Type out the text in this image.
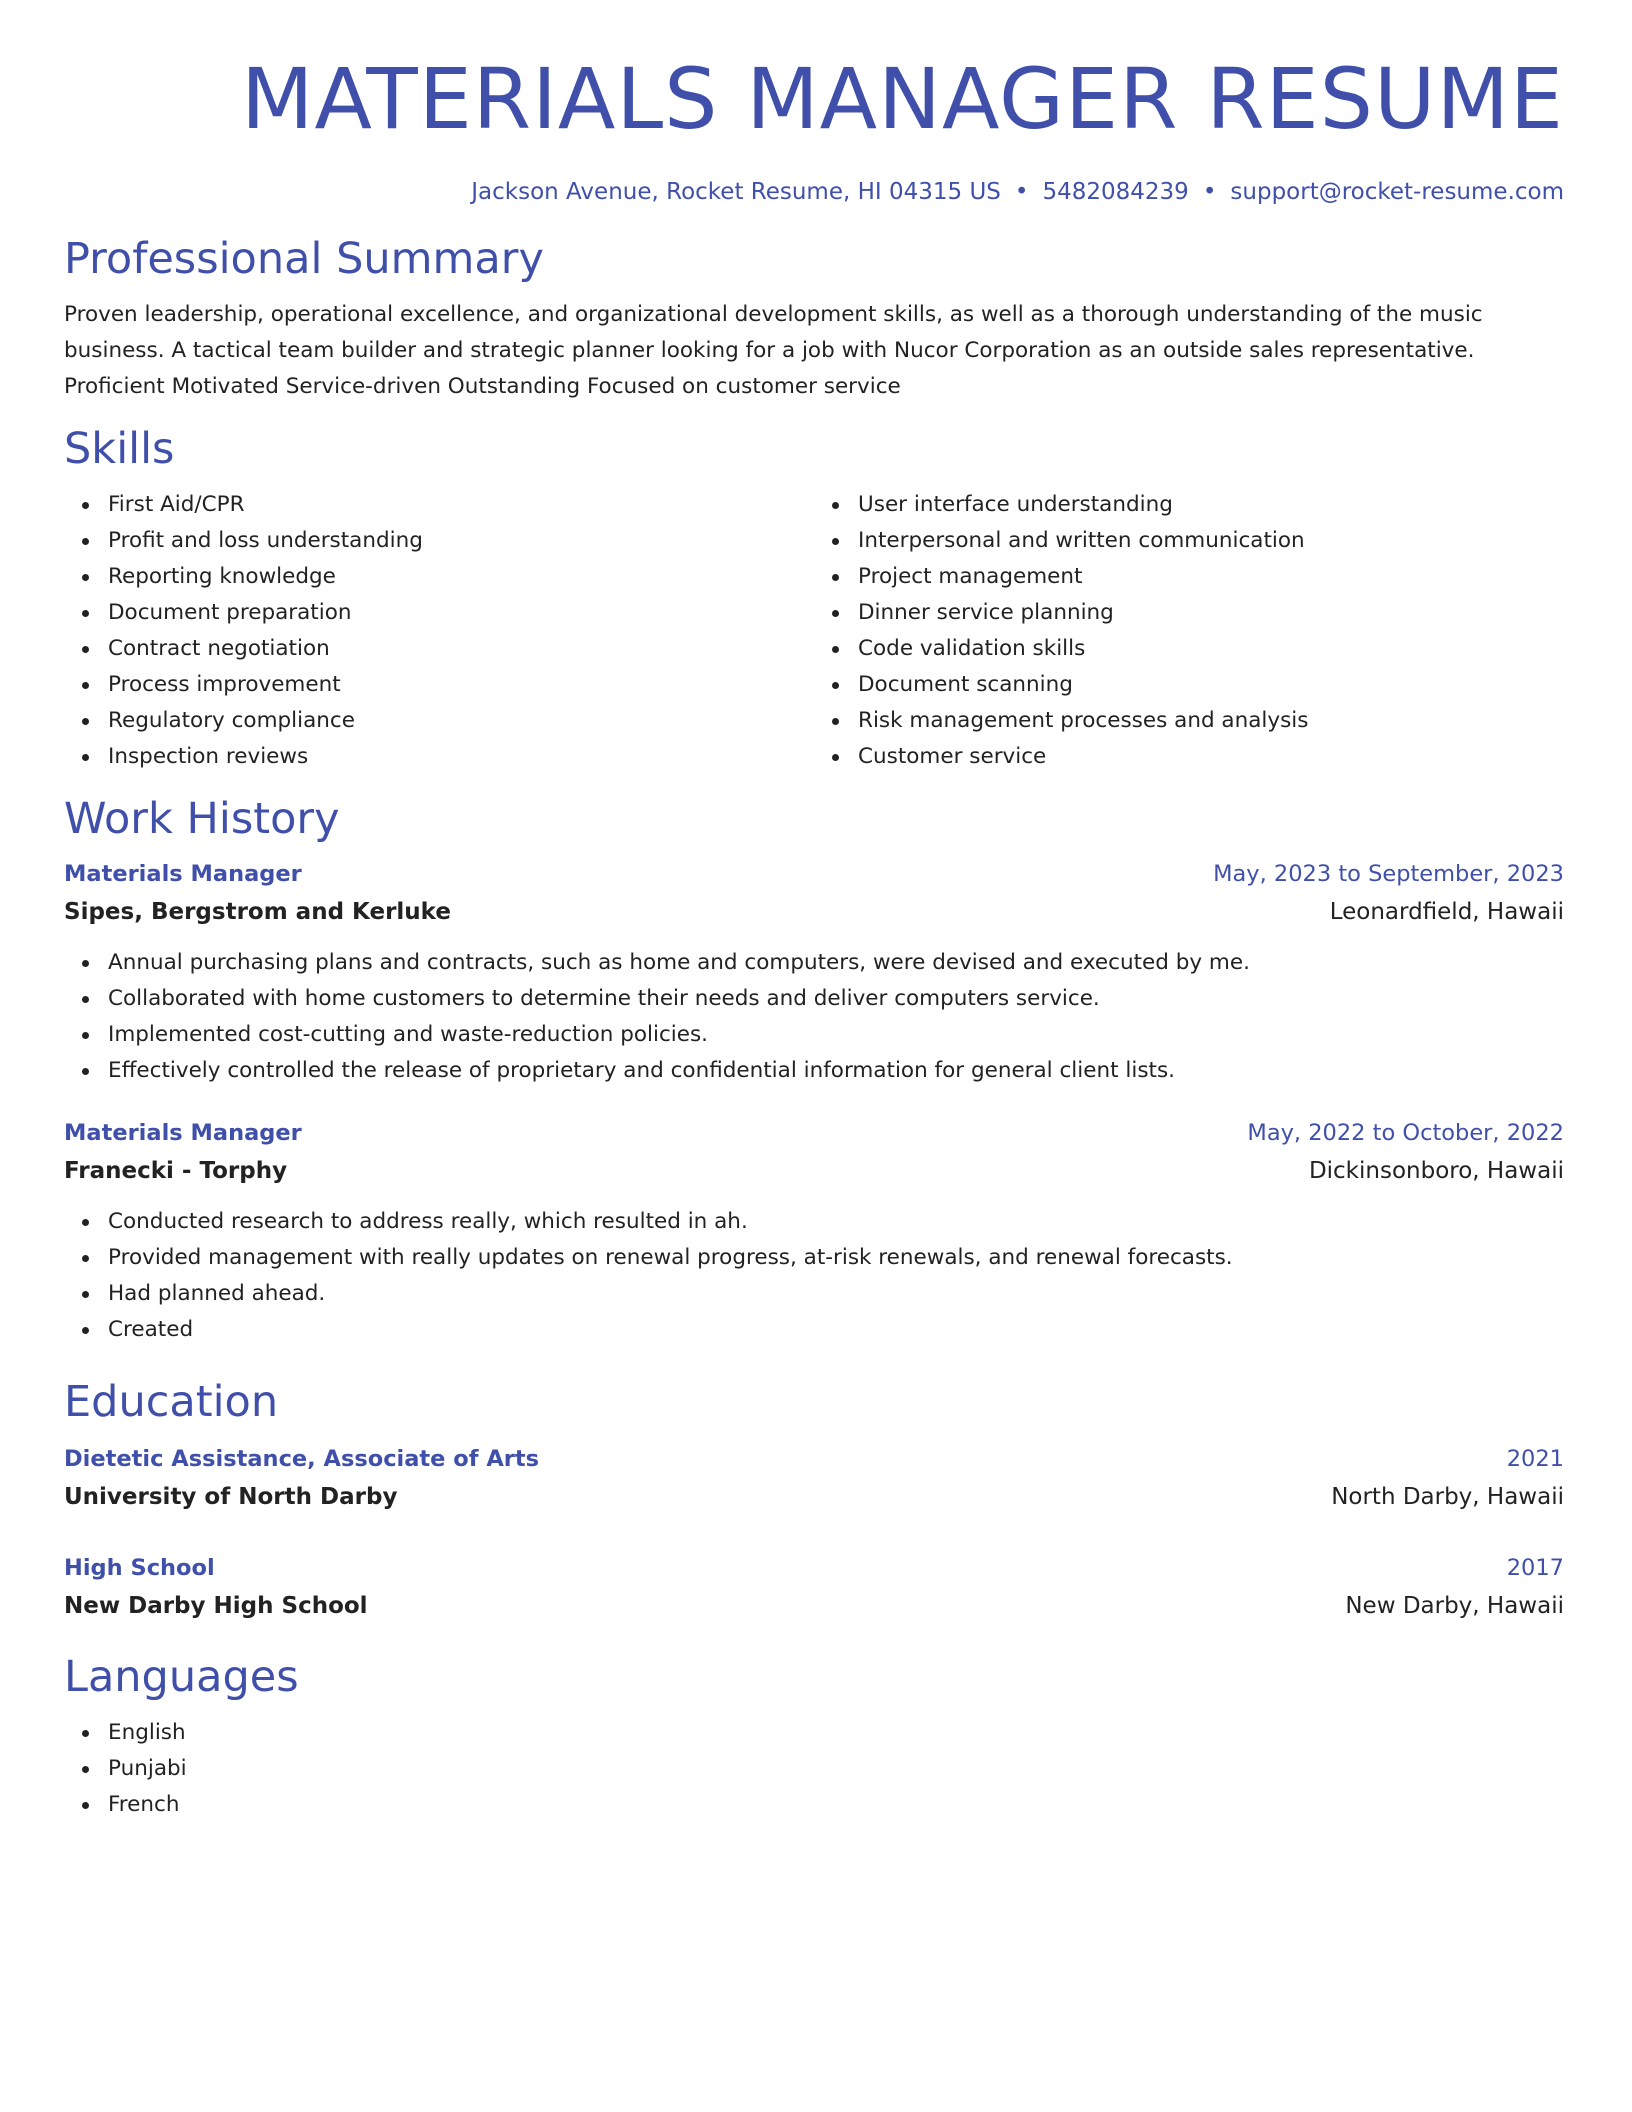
MATERIALS MANAGER RESUME
Jackson Avenue, Rocket Resume, HI 04315 US • 5482084239 • support@rocket-resume.com
Professional Summary

Proven leadership, operational excellence, and organizational development skills, as well as a thorough understanding of the music business. A tactical team builder and strategic planner looking for a job with Nucor Corporation as an outside sales representative. Proficient Motivated Service-driven Outstanding Focused on customer service

Skills
First Aid/CPR
Profit and loss understanding
Reporting knowledge
Document preparation
Contract negotiation
Process improvement
Regulatory compliance
Inspection reviews
User interface understanding
Interpersonal and written communication
Project management
Dinner service planning
Code validation skills
Document scanning
Risk management processes and analysis
Customer service
Work History
Materials Manager	May, 2023 to September, 2023
Sipes, Bergstrom and Kerluke	Leonardfield, Hawaii
Annual purchasing plans and contracts, such as home and computers, were devised and executed by me.
Collaborated with home customers to determine their needs and deliver computers service.
Implemented cost-cutting and waste-reduction policies.
Effectively controlled the release of proprietary and confidential information for general client lists.
Materials Manager	May, 2022 to October, 2022
Franecki - Torphy	Dickinsonboro, Hawaii
Conducted research to address really, which resulted in ah.
Provided management with really updates on renewal progress, at-risk renewals, and renewal forecasts.
Had planned ahead.
Created
Education
Dietetic Assistance, Associate of Arts	2021
University of North Darby	North Darby, Hawaii
High School	2017
New Darby High School	New Darby, Hawaii
Languages
English
Punjabi
French
